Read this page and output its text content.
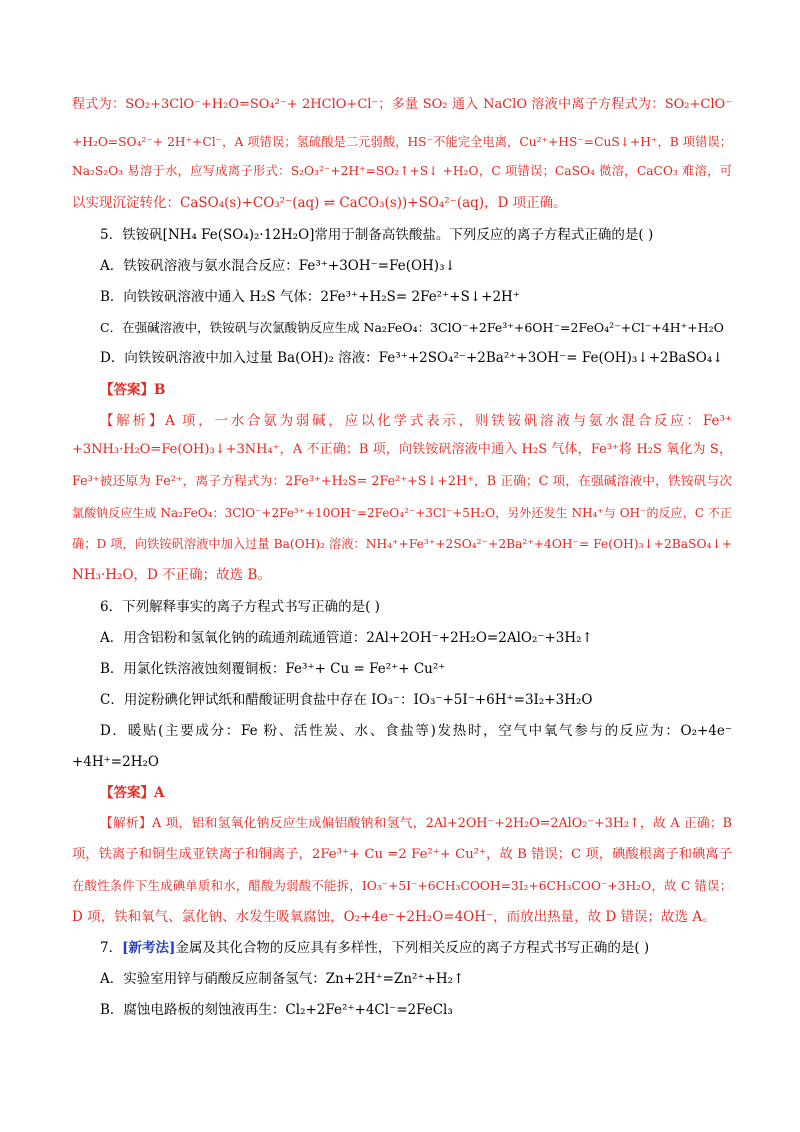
程式为：SO₂+3ClO⁻+H₂O=SO₄²⁻+ 2HClO+Cl⁻；多量 SO₂ 通入 NaClO 溶液中离子方程式为：SO₂+ClO⁻
+H₂O=SO₄²⁻+ 2H⁺+Cl⁻，A 项错误；氢硫酸是二元弱酸，HS⁻不能完全电离，Cu²⁺+HS⁻=CuS↓+H⁺，B 项错误；
Na₂S₂O₃ 易溶于水，应写成离子形式：S₂O₃²⁻+2H⁺=SO₂↑+S↓ +H₂O，C 项错误；CaSO₄ 微溶，CaCO₃ 难溶，可
以实现沉淀转化：CaSO₄(s)+CO₃²⁻(aq) ⇌ CaCO₃(s))+SO₄²⁻(aq)，D 项正确。
5．铁铵矾[NH₄ Fe(SO₄)₂·12H₂O]常用于制备高铁酸盐。下列反应的离子方程式正确的是( )
A．铁铵矾溶液与氨水混合反应：Fe³⁺+3OH⁻=Fe(OH)₃↓
B．向铁铵矾溶液中通入 H₂S 气体：2Fe³⁺+H₂S= 2Fe²⁺+S↓+2H⁺
C．在强碱溶液中，铁铵矾与次氯酸钠反应生成 Na₂FeO₄：3ClO⁻+2Fe³⁺+6OH⁻=2FeO₄²⁻+Cl⁻+4H⁺+H₂O
D．向铁铵矾溶液中加入过量 Ba(OH)₂ 溶液：Fe³⁺+2SO₄²⁻+2Ba²⁺+3OH⁻= Fe(OH)₃↓+2BaSO₄↓
【答案】B
【解析】A 项，一水合氨为弱碱，应以化学式表示，则铁铵矾溶液与氨水混合反应：Fe³⁺
+3NH₃·H₂O=Fe(OH)₃↓+3NH₄⁺，A 不正确；B 项，向铁铵矾溶液中通入 H₂S 气体，Fe³⁺将 H₂S 氧化为 S，
Fe³⁺被还原为 Fe²⁺，离子方程式为：2Fe³⁺+H₂S= 2Fe²⁺+S↓+2H⁺，B 正确；C 项，在强碱溶液中，铁铵矾与次
氯酸钠反应生成 Na₂FeO₄：3ClO⁻+2Fe³⁺+10OH⁻=2FeO₄²⁻+3Cl⁻+5H₂O，另外还发生 NH₄⁺与 OH⁻的反应，C 不正
确；D 项，向铁铵矾溶液中加入过量 Ba(OH)₂ 溶液：NH₄⁺+Fe³⁺+2SO₄²⁻+2Ba²⁺+4OH⁻= Fe(OH)₃↓+2BaSO₄↓+
NH₃·H₂O，D 不正确；故选 B。
6．下列解释事实的离子方程式书写正确的是( )
A．用含铝粉和氢氧化钠的疏通剂疏通管道：2Al+2OH⁻+2H₂O=2AlO₂⁻+3H₂↑
B．用氯化铁溶液蚀刻覆铜板：Fe³⁺+ Cu = Fe²⁺+ Cu²⁺
C．用淀粉碘化钾试纸和醋酸证明食盐中存在 IO₃⁻：IO₃⁻+5I⁻+6H⁺=3I₂+3H₂O
D．暖贴(主要成分：Fe 粉、活性炭、水、食盐等)发热时，空气中氧气参与的反应为：O₂+4e⁻
+4H⁺=2H₂O
【答案】A
【解析】A 项，铝和氢氧化钠反应生成偏铝酸钠和氢气，2Al+2OH⁻+2H₂O=2AlO₂⁻+3H₂↑，故 A 正确；B
项，铁离子和铜生成亚铁离子和铜离子，2Fe³⁺+ Cu =2 Fe²⁺+ Cu²⁺，故 B 错误；C 项，碘酸根离子和碘离子
在酸性条件下生成碘单质和水，醋酸为弱酸不能拆，IO₃⁻+5I⁻+6CH₃COOH=3I₂+6CH₃COO⁻+3H₂O，故 C 错误；
D 项，铁和氧气、氯化钠、水发生吸氧腐蚀，O₂+4e⁻+2H₂O=4OH⁻，而放出热量，故 D 错误；故选 A。
7．[新考法]金属及其化合物的反应具有多样性，下列相关反应的离子方程式书写正确的是( )
A．实验室用锌与硝酸反应制备氢气：Zn+2H⁺=Zn²⁺+H₂↑
B．腐蚀电路板的刻蚀液再生：Cl₂+2Fe²⁺+4Cl⁻=2FeCl₃
